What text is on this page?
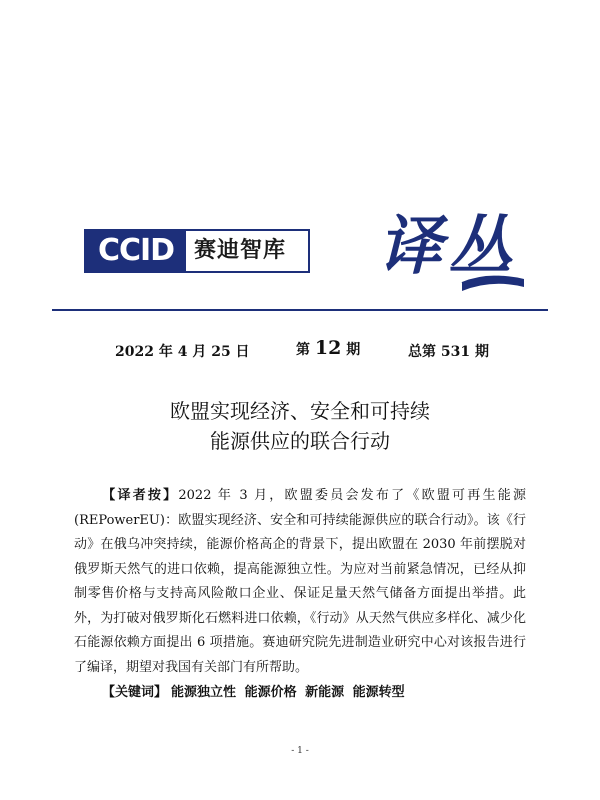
CCID 赛迪智库	译丛
2022 年 4 月 25 日	第 12 期	总第 531 期
欧盟实现经济、安全和可持续
能源供应的联合行动
  【译者按】2022 年 3 月，欧盟委员会发布了《欧盟可再生能源(REPowerEU)：欧盟实现经济、安全和可持续能源供应的联合行动》。该《行动》在俄乌冲突持续，能源价格高企的背景下，提出欧盟在 2030 年前摆脱对俄罗斯天然气的进口依赖，提高能源独立性。为应对当前紧急情况，已经从抑制零售价格与支持高风险敞口企业、保证足量天然气储备方面提出举措。此外，为打破对俄罗斯化石燃料进口依赖，《行动》从天然气供应多样化、减少化石能源依赖方面提出 6 项措施。赛迪研究院先进制造业研究中心对该报告进行了编译，期望对我国有关部门有所帮助。
【关键词】 能源独立性 能源价格 新能源 能源转型
- 1 -
